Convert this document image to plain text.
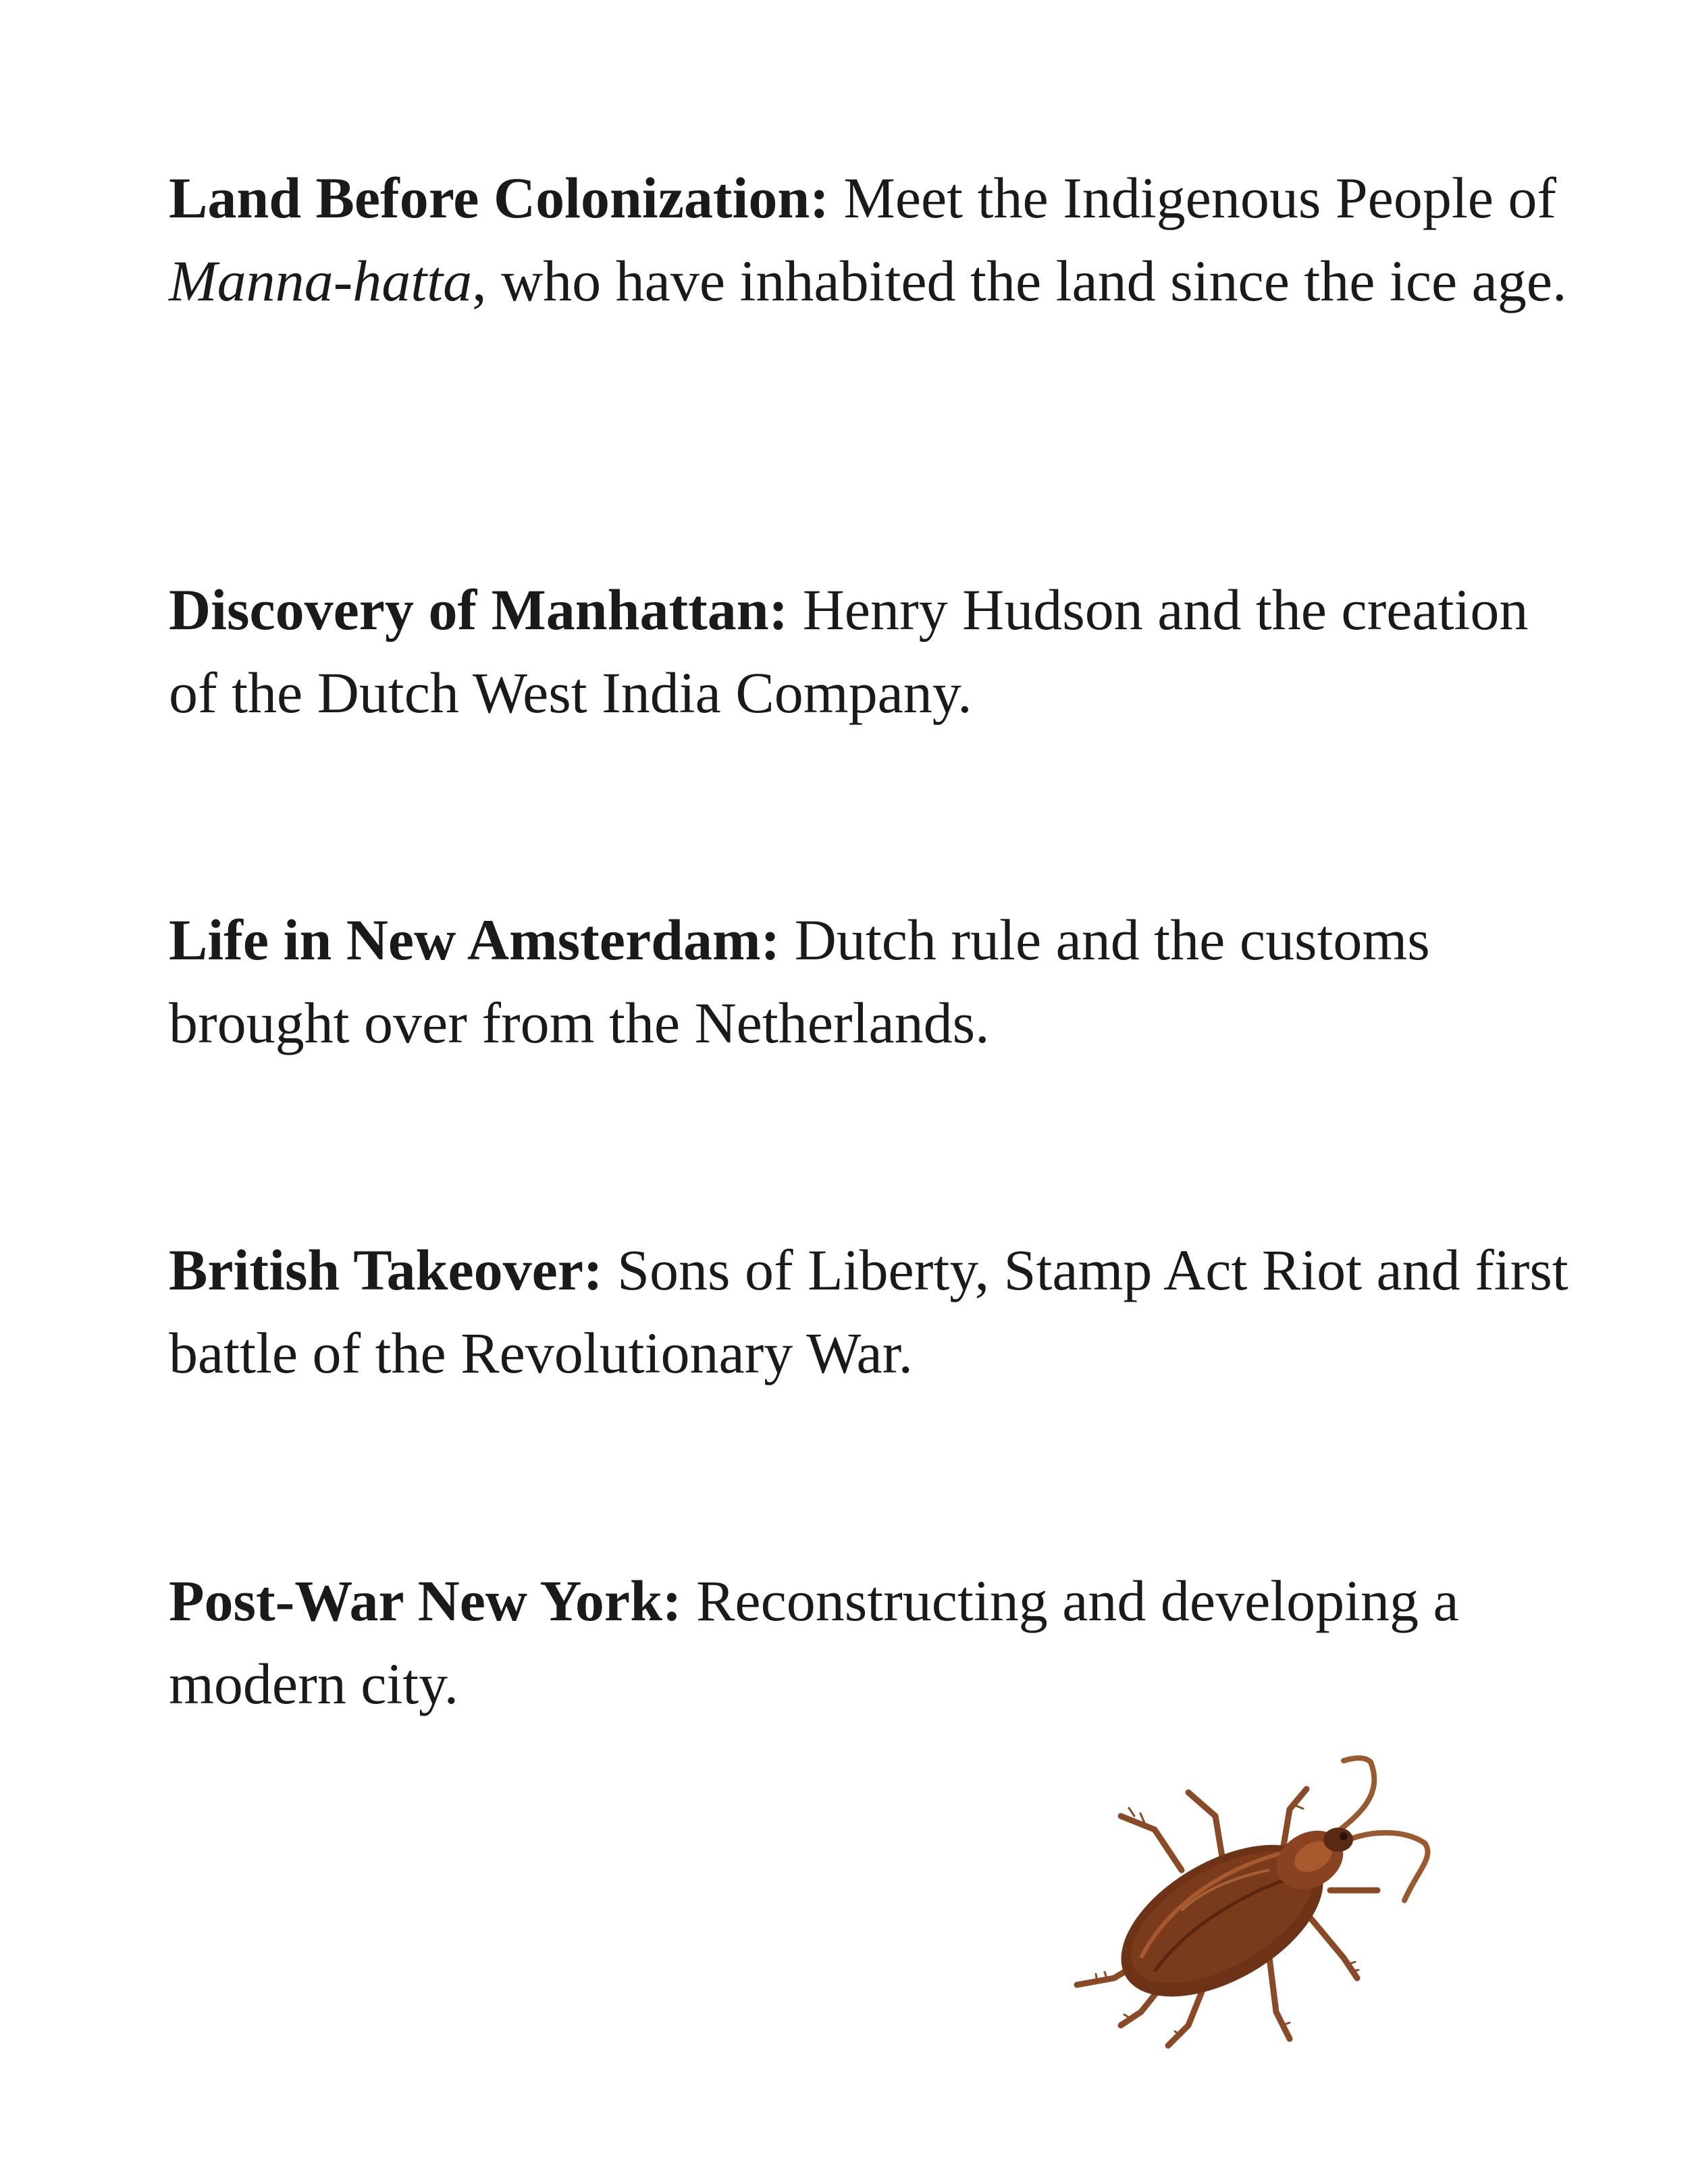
Land Before Colonization: Meet the Indigenous People of Manna-hatta, who have inhabited the land since the ice age.

Discovery of Manhattan: Henry Hudson and the creation of the Dutch West India Company.

Life in New Amsterdam: Dutch rule and the customs brought over from the Netherlands.

British Takeover: Sons of Liberty, Stamp Act Riot and first battle of the Revolutionary War.

Post-War New York: Reconstructing and developing a modern city.
